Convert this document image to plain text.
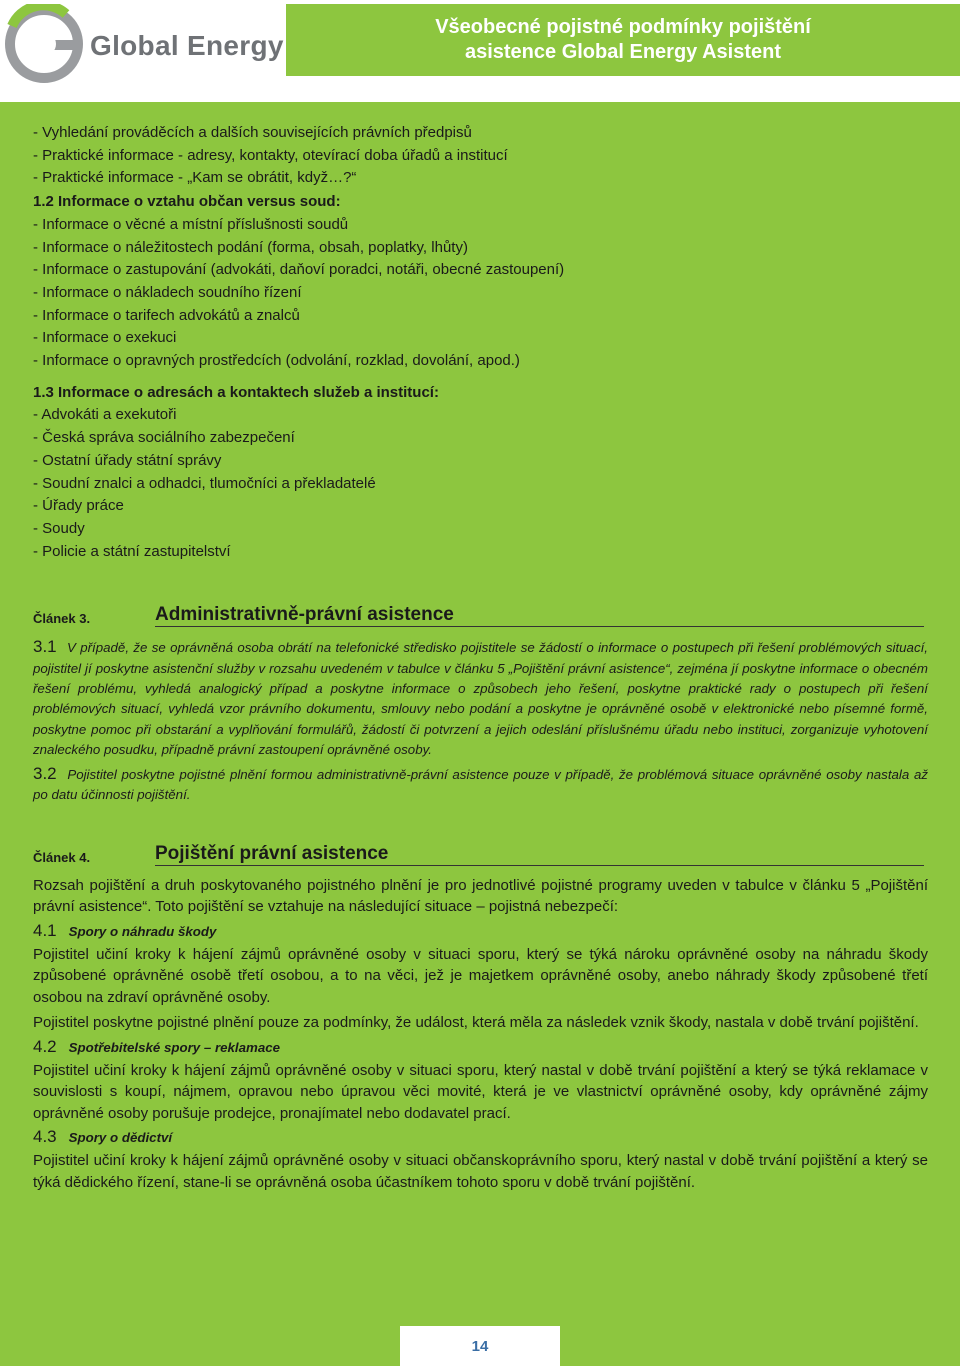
Global Energy
Všeobecné pojistné podmínky pojištění
asistence Global Energy Asistent
- Vyhledání prováděcích a dalších souvisejících právních předpisů
- Praktické informace - adresy, kontakty, otevírací doba úřadů a institucí
- Praktické informace - „Kam se obrátit, když…?“
1.2 Informace o vztahu občan versus soud:
- Informace o věcné a místní příslušnosti soudů
- Informace o náležitostech podání (forma, obsah, poplatky, lhůty)
- Informace o zastupování (advokáti, daňoví poradci, notáři, obecné zastoupení)
- Informace o nákladech soudního řízení
- Informace o tarifech advokátů a znalců
- Informace o exekuci
- Informace o opravných prostředcích (odvolání, rozklad, dovolání, apod.)
1.3 Informace o adresách a kontaktech služeb a institucí:
- Advokáti a exekutoři
- Česká správa sociálního zabezpečení
- Ostatní úřady státní správy
- Soudní znalci a odhadci, tlumočníci a překladatelé
- Úřady práce
- Soudy
- Policie a státní zastupitelství
Článek 3.	Administrativně-právní asistence
3.1 V případě, že se oprávněná osoba obrátí na telefonické středisko pojistitele se žádostí o informace o postupech při řešení problémových situací, pojistitel jí poskytne asistenční služby v rozsahu uvedeném v tabulce v článku 5 „Pojištění právní asistence“, zejména jí poskytne informace o obecném řešení problému, vyhledá analogický případ a poskytne informace o způsobech jeho řešení, poskytne praktické rady o postupech při řešení problémových situací, vyhledá vzor právního dokumentu, smlouvy nebo podání a poskytne je oprávněné osobě v elektronické nebo písemné formě, poskytne pomoc při obstarání a vyplňování formulářů, žádostí či potvrzení a jejich odeslání příslušnému úřadu nebo instituci, zorganizuje vyhotovení znaleckého posudku, případně právní zastoupení oprávněné osoby.
3.2 Pojistitel poskytne pojistné plnění formou administrativně-právní asistence pouze v případě, že problémová situace oprávněné osoby nastala až po datu účinnosti pojištění.
Článek 4.	Pojištění právní asistence
Rozsah pojištění a druh poskytovaného pojistného plnění je pro jednotlivé pojistné programy uveden v tabulce v článku 5 „Pojištění právní asistence“. Toto pojištění se vztahuje na následující situace – pojistná nebezpečí:
4.1 Spory o náhradu škody
Pojistitel učiní kroky k hájení zájmů oprávněné osoby v situaci sporu, který se týká nároku oprávněné osoby na náhradu škody způsobené oprávněné osobě třetí osobou, a to na věci, jež je majetkem oprávněné osoby, anebo náhrady škody způsobené třetí osobou na zdraví oprávněné osoby.
Pojistitel poskytne pojistné plnění pouze za podmínky, že událost, která měla za následek vznik škody, nastala v době trvání pojištění.
4.2 Spotřebitelské spory – reklamace
Pojistitel učiní kroky k hájení zájmů oprávněné osoby v situaci sporu, který nastal v době trvání pojištění a který se týká reklamace v souvislosti s koupí, nájmem, opravou nebo úpravou věci movité, která je ve vlastnictví oprávněné osoby, kdy oprávněné zájmy oprávněné osoby porušuje prodejce, pronajímatel nebo dodavatel prací.
4.3 Spory o dědictví
Pojistitel učiní kroky k hájení zájmů oprávněné osoby v situaci občanskoprávního sporu, který nastal v době trvání pojištění a který se týká dědického řízení, stane-li se oprávněná osoba účastníkem tohoto sporu v době trvání pojištění.
14
